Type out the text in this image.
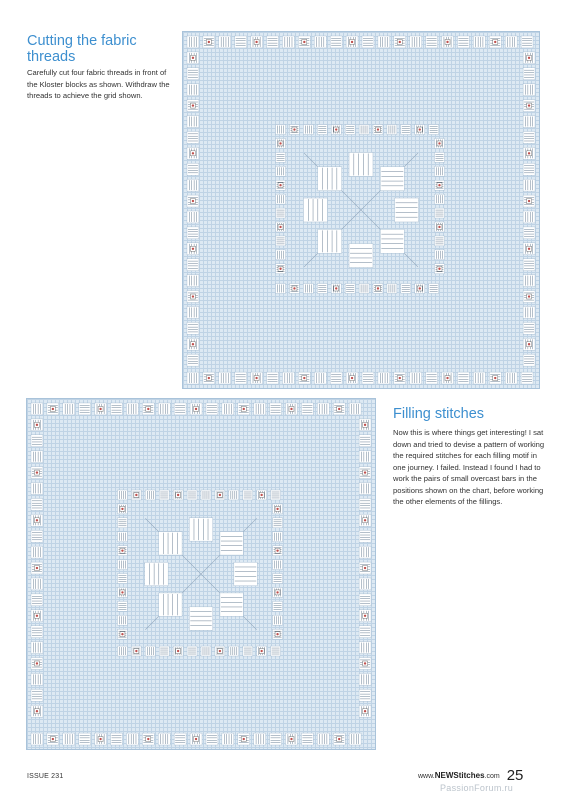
Cutting the fabric threads

Carefully cut four fabric threads in front of the Kloster blocks as shown. Withdraw the threads to achieve the grid shown.

Filling stitches

Now this is where things get interesting! I sat down and tried to devise a pattern of working the required stitches for each filling motif in one journey. I failed. Instead I found I had to work the pairs of small overcast bars in the positions shown on the chart, before working the other elements of the fillings.

ISSUE 231	www.NEWStitches.com 25
PassionForum.ru
